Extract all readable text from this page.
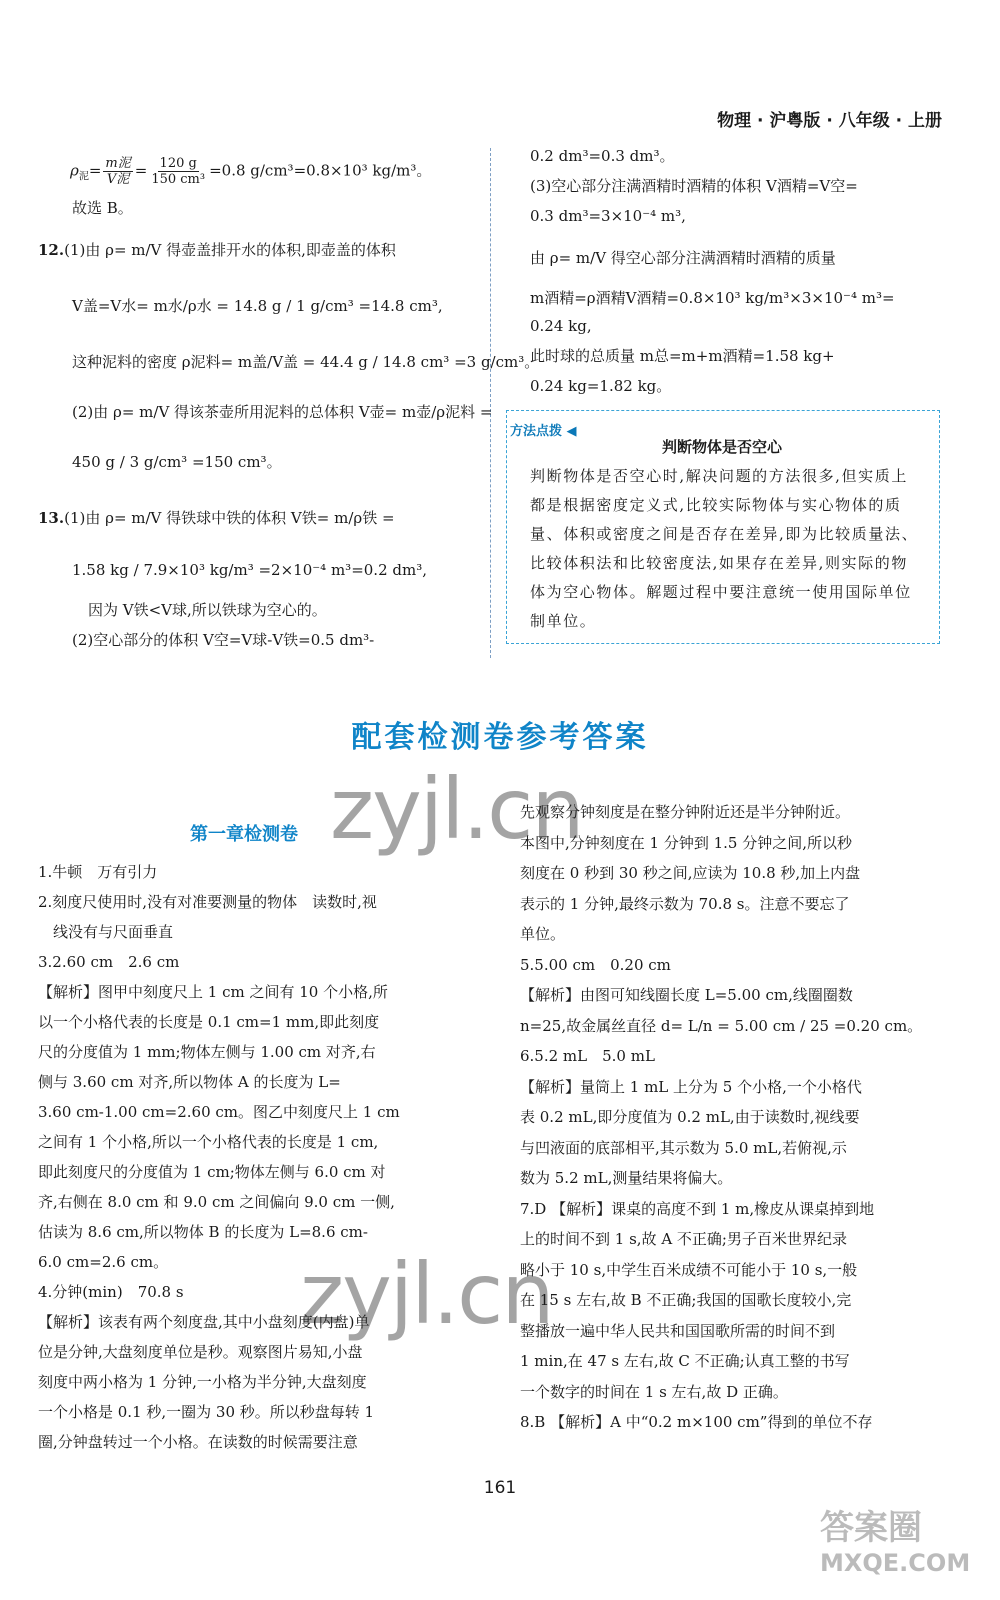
物理 · 沪粤版 · 八年级 · 上册
$\rho_泥= \frac{\text{m泥}}{\text{V泥}} = \frac{120 g}{\text{150 cm³}} =0.8$ g/cm³=0.8×10³ kg/m³。
故选 B。
12.(1)由 ρ= m/V 得壶盖排开水的体积,即壶盖的体积
V盖=V水= m水/ρ水 = 14.8 g / 1 g/cm³ =14.8 cm³,
这种泥料的密度 ρ泥料= m盖/V盖 = 44.4 g / 14.8 cm³ =3 g/cm³。
(2)由 ρ= m/V 得该茶壶所用泥料的总体积 V壶= m壶/ρ泥料 =
450 g / 3 g/cm³ =150 cm³。
13.(1)由 ρ= m/V 得铁球中铁的体积 V铁= m/ρ铁 =
1.58 kg / 7.9×10³ kg/m³ =2×10⁻⁴ m³=0.2 dm³,
因为 V铁<V球,所以铁球为空心的。
(2)空心部分的体积 V空=V球-V铁=0.5 dm³-
0.2 dm³=0.3 dm³。
(3)空心部分注满酒精时酒精的体积 V酒精=V空=
0.3 dm³=3×10⁻⁴ m³,
由 ρ= m/V 得空心部分注满酒精时酒精的质量
m酒精=ρ酒精V酒精=0.8×10³ kg/m³×3×10⁻⁴ m³=
0.24 kg,
此时球的总质量 m总=m+m酒精=1.58 kg+
0.24 kg=1.82 kg。
方法点拨 ◀
判断物体是否空心
判断物体是否空心时,解决问题的方法很多,但实质上都是根据密度定义式,比较实际物体与实心物体的质量、体积或密度之间是否存在差异,即为比较质量法、比较体积法和比较密度法,如果存在差异,则实际的物体为空心物体。解题过程中要注意统一使用国际单位制单位。
配套检测卷参考答案
第一章检测卷 zyjl.cn
zyjl.cn
1.牛顿　万有引力
2.刻度尺使用时,没有对准要测量的物体　读数时,视
　线没有与尺面垂直
3.2.60 cm　2.6 cm
【解析】图甲中刻度尺上 1 cm 之间有 10 个小格,所
以一个小格代表的长度是 0.1 cm=1 mm,即此刻度
尺的分度值为 1 mm;物体左侧与 1.00 cm 对齐,右
侧与 3.60 cm 对齐,所以物体 A 的长度为 L=
3.60 cm-1.00 cm=2.60 cm。图乙中刻度尺上 1 cm
之间有 1 个小格,所以一个小格代表的长度是 1 cm,
即此刻度尺的分度值为 1 cm;物体左侧与 6.0 cm 对
齐,右侧在 8.0 cm 和 9.0 cm 之间偏向 9.0 cm 一侧,
估读为 8.6 cm,所以物体 B 的长度为 L=8.6 cm-
6.0 cm=2.6 cm。
4.分钟(min)　70.8 s
【解析】该表有两个刻度盘,其中小盘刻度(内盘)单
位是分钟,大盘刻度单位是秒。观察图片易知,小盘
刻度中两小格为 1 分钟,一小格为半分钟,大盘刻度
一个小格是 0.1 秒,一圈为 30 秒。所以秒盘每转 1
圈,分钟盘转过一个小格。在读数的时候需要注意
先观察分钟刻度是在整分钟附近还是半分钟附近。
本图中,分钟刻度在 1 分钟到 1.5 分钟之间,所以秒
刻度在 0 秒到 30 秒之间,应读为 10.8 秒,加上内盘
表示的 1 分钟,最终示数为 70.8 s。注意不要忘了
单位。
5.5.00 cm　0.20 cm
【解析】由图可知线圈长度 L=5.00 cm,线圈圈数
n=25,故金属丝直径 d= L/n = 5.00 cm / 25 =0.20 cm。
6.5.2 mL　5.0 mL
【解析】量筒上 1 mL 上分为 5 个小格,一个小格代
表 0.2 mL,即分度值为 0.2 mL,由于读数时,视线要
与凹液面的底部相平,其示数为 5.0 mL,若俯视,示
数为 5.2 mL,测量结果将偏大。
7.D 【解析】课桌的高度不到 1 m,橡皮从课桌掉到地
上的时间不到 1 s,故 A 不正确;男子百米世界纪录
略小于 10 s,中学生百米成绩不可能小于 10 s,一般
在 15 s 左右,故 B 不正确;我国的国歌长度较小,完
整播放一遍中华人民共和国国歌所需的时间不到
1 min,在 47 s 左右,故 C 不正确;认真工整的书写
一个数字的时间在 1 s 左右,故 D 正确。
8.B 【解析】A 中“0.2 m×100 cm”得到的单位不存
161
答案圈
MXQE.COM
